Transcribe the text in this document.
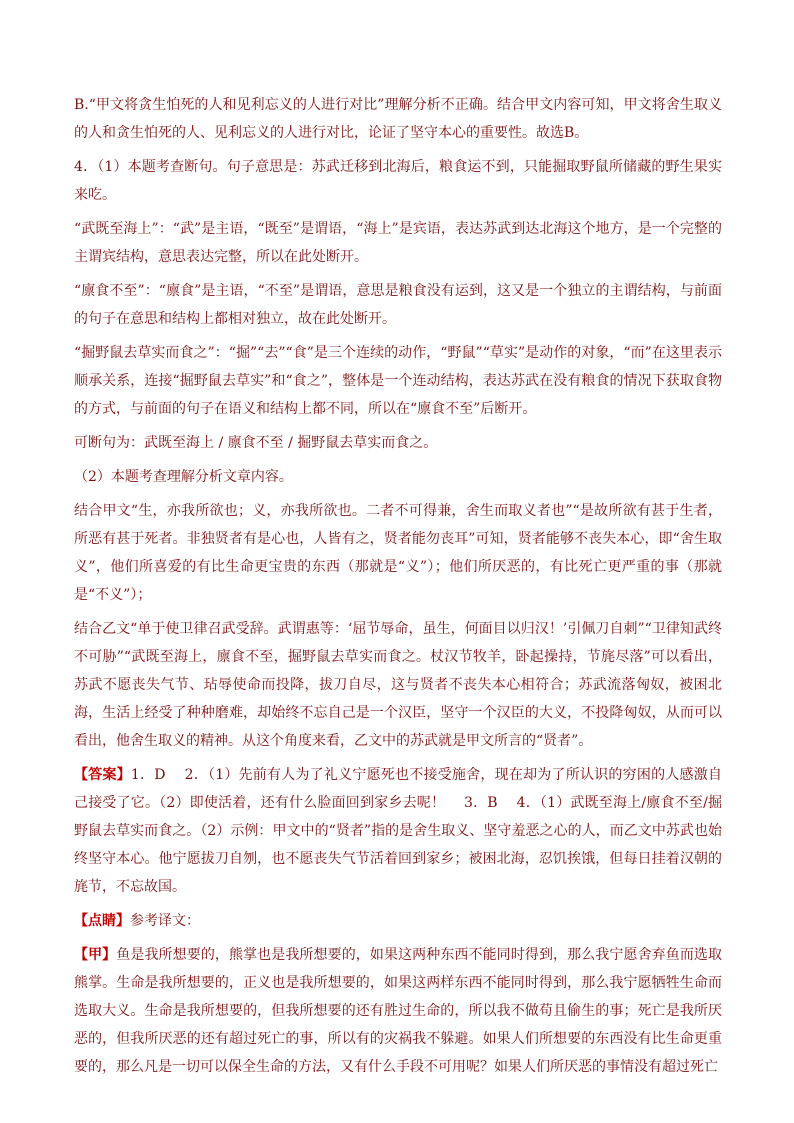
B.“甲文将贪生怕死的人和见利忘义的人进行对比”理解分析不正确。结合甲文内容可知，甲文将舍生取义的人和贪生怕死的人、见利忘义的人进行对比，论证了坚守本心的重要性。故选B。

4．（1）本题考查断句。句子意思是：苏武迁移到北海后，粮食运不到，只能掘取野鼠所储藏的野生果实来吃。

“武既至海上”：“武”是主语，“既至”是谓语，“海上”是宾语，表达苏武到达北海这个地方，是一个完整的主谓宾结构，意思表达完整，所以在此处断开。

“廪食不至”：“廪食”是主语，“不至”是谓语，意思是粮食没有运到，这又是一个独立的主谓结构，与前面的句子在意思和结构上都相对独立，故在此处断开。

“掘野鼠去草实而食之”：“掘”“去”“食”是三个连续的动作，“野鼠”“草实”是动作的对象，“而”在这里表示顺承关系，连接“掘野鼠去草实”和“食之”，整体是一个连动结构，表达苏武在没有粮食的情况下获取食物的方式，与前面的句子在语义和结构上都不同，所以在“廪食不至”后断开。

可断句为：武既至海上 / 廪食不至 / 掘野鼠去草实而食之。

（2）本题考查理解分析文章内容。

结合甲文“生，亦我所欲也；义，亦我所欲也。二者不可得兼，舍生而取义者也”“是故所欲有甚于生者，所恶有甚于死者。非独贤者有是心也，人皆有之，贤者能勿丧耳”可知，贤者能够不丧失本心，即“舍生取义”，他们所喜爱的有比生命更宝贵的东西（那就是“义”）；他们所厌恶的，有比死亡更严重的事（那就是“不义”）；

结合乙文“单于使卫律召武受辞。武谓惠等：‘屈节辱命，虽生，何面目以归汉！’引佩刀自刺”“卫律知武终不可胁”“武既至海上，廪食不至，掘野鼠去草实而食之。杖汉节牧羊，卧起操持，节旄尽落”可以看出，苏武不愿丧失气节、玷辱使命而投降，拔刀自尽，这与贤者不丧失本心相符合；苏武流落匈奴，被困北海，生活上经受了种种磨难，却始终不忘自己是一个汉臣，坚守一个汉臣的大义，不投降匈奴，从而可以看出，他舍生取义的精神。从这个角度来看，乙文中的苏武就是甲文所言的“贤者”。

【答案】1．D　 2．（1）先前有人为了礼义宁愿死也不接受施舍，现在却为了所认识的穷困的人感激自己接受了它。（2）即使活着，还有什么脸面回到家乡去呢！　 3．B　 4．（1）武既至海上/廪食不至/掘野鼠去草实而食之。（2）示例：甲文中的“贤者”指的是舍生取义、坚守羞恶之心的人，而乙文中苏武也始终坚守本心。他宁愿拔刀自刎，也不愿丧失气节活着回到家乡；被困北海，忍饥挨饿，但每日挂着汉朝的旄节，不忘故国。

【点睛】参考译文：

【甲】鱼是我所想要的，熊掌也是我所想要的，如果这两种东西不能同时得到，那么我宁愿舍弃鱼而选取熊掌。生命是我所想要的，正义也是我所想要的，如果这两样东西不能同时得到，那么我宁愿牺牲生命而选取大义。生命是我所想要的，但我所想要的还有胜过生命的，所以我不做苟且偷生的事；死亡是我所厌恶的，但我所厌恶的还有超过死亡的事，所以有的灾祸我不躲避。如果人们所想要的东西没有比生命更重要的，那么凡是一切可以保全生命的方法，又有什么手段不可用呢？如果人们所厌恶的事情没有超过死亡
